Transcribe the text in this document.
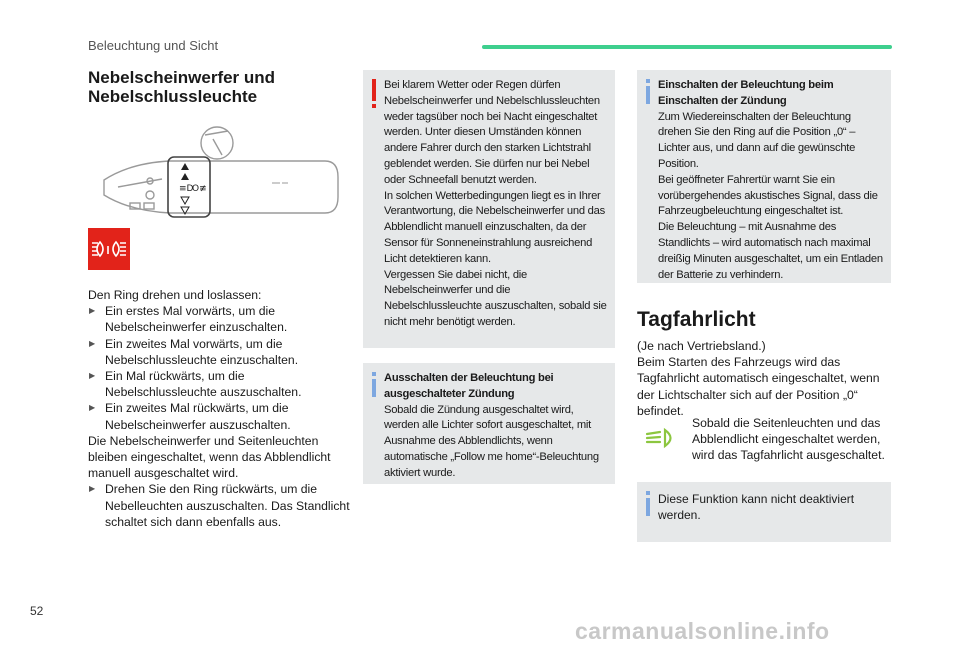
Beleuchtung und Sicht
Nebelscheinwerfer und
Nebelschlussleuchte
≡D
O≢
Den Ring drehen und loslassen:
▶ Ein erstes Mal vorwärts, um die Nebelscheinwerfer einzuschalten.
▶ Ein zweites Mal vorwärts, um die Nebelschlussleuchte einzuschalten.
▶ Ein Mal rückwärts, um die Nebelschlussleuchte auszuschalten.
▶ Ein zweites Mal rückwärts, um die Nebelscheinwerfer auszuschalten.
Die Nebelscheinwerfer und Seitenleuchten bleiben eingeschaltet, wenn das Abblendlicht manuell ausgeschaltet wird.
▶ Drehen Sie den Ring rückwärts, um die Nebelleuchten auszuschalten. Das Standlicht schaltet sich dann ebenfalls aus.
Bei klarem Wetter oder Regen dürfen Nebelscheinwerfer und Nebelschlussleuchten weder tagsüber noch bei Nacht eingeschaltet werden. Unter diesen Umständen können andere Fahrer durch den starken Lichtstrahl geblendet werden. Sie dürfen nur bei Nebel oder Schneefall benutzt werden.
In solchen Wetterbedingungen liegt es in Ihrer Verantwortung, die Nebelscheinwerfer und das Abblendlicht manuell einzuschalten, da der Sensor für Sonneneinstrahlung ausreichend Licht detektieren kann.
Vergessen Sie dabei nicht, die Nebelscheinwerfer und die Nebelschlussleuchte auszuschalten, sobald sie nicht mehr benötigt werden.
Ausschalten der Beleuchtung bei ausgeschalteter Zündung
Sobald die Zündung ausgeschaltet wird, werden alle Lichter sofort ausgeschaltet, mit Ausnahme des Abblendlichts, wenn automatische „Follow me home“-Beleuchtung aktiviert wurde.
Einschalten der Beleuchtung beim Einschalten der Zündung
Zum Wiedereinschalten der Beleuchtung drehen Sie den Ring auf die Position „0“ – Lichter aus, und dann auf die gewünschte Position.
Bei geöffneter Fahrertür warnt Sie ein vorübergehendes akustisches Signal, dass die Fahrzeugbeleuchtung eingeschaltet ist.
Die Beleuchtung – mit Ausnahme des Standlichts – wird automatisch nach maximal dreißig Minuten ausgeschaltet, um ein Entladen der Batterie zu verhindern.
Tagfahrlicht
(Je nach Vertriebsland.)
Beim Starten des Fahrzeugs wird das Tagfahrlicht automatisch eingeschaltet, wenn der Lichtschalter sich auf der Position „0“ befindet.
Sobald die Seitenleuchten und das Abblendlicht eingeschaltet werden, wird das Tagfahrlicht ausgeschaltet.
Diese Funktion kann nicht deaktiviert werden.
52
carmanualsonline.info
